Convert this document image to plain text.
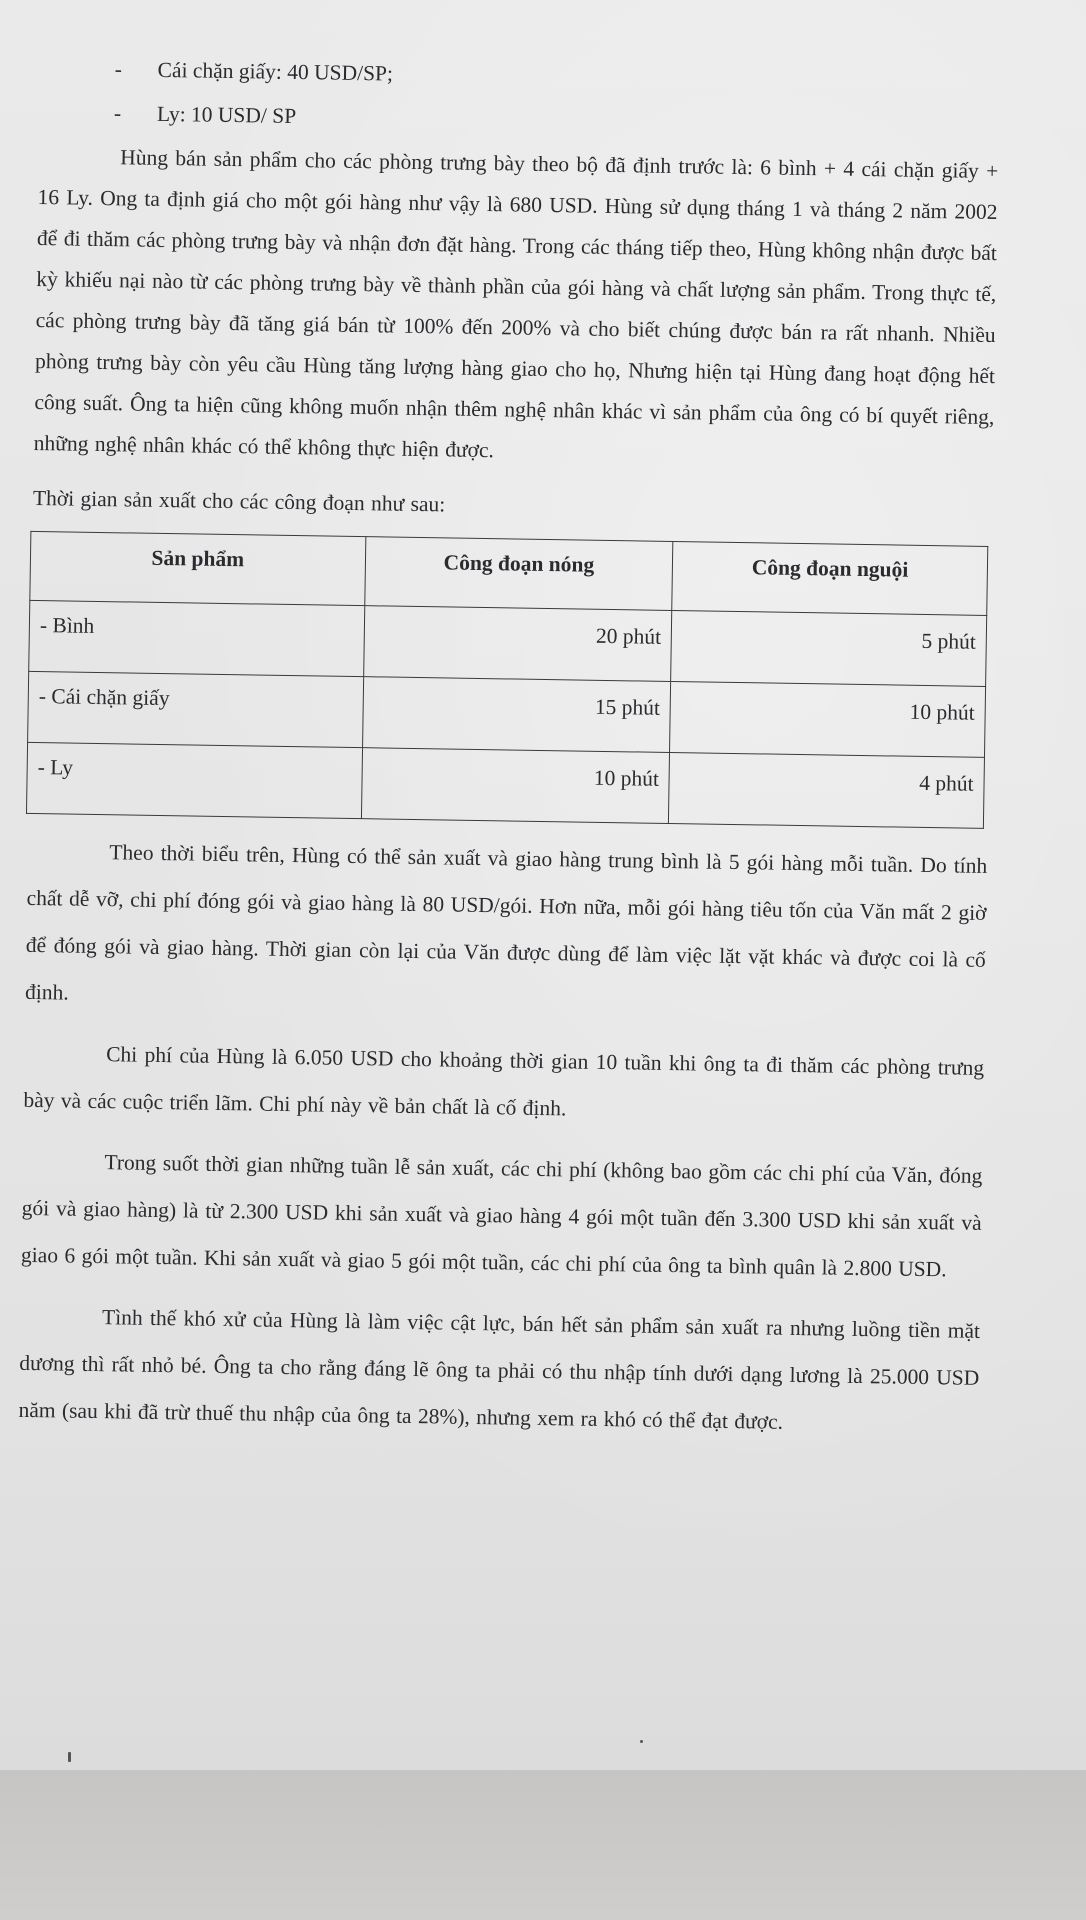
- Cái chặn giấy: 40 USD/SP;
- Ly: 10 USD/ SP

Hùng bán sản phẩm cho các phòng trưng bày theo bộ đã định trước là: 6 bình + 4 cái chặn giấy + 16 Ly. Ong ta định giá cho một gói hàng như vậy là 680 USD. Hùng sử dụng tháng 1 và tháng 2 năm 2002 để đi thăm các phòng trưng bày và nhận đơn đặt hàng. Trong các tháng tiếp theo, Hùng không nhận được bất kỳ khiếu nại nào từ các phòng trưng bày về thành phần của gói hàng và chất lượng sản phẩm. Trong thực tế, các phòng trưng bày đã tăng giá bán từ 100% đến 200% và cho biết chúng được bán ra rất nhanh. Nhiều phòng trưng bày còn yêu cầu Hùng tăng lượng hàng giao cho họ, Nhưng hiện tại Hùng đang hoạt động hết công suất. Ông ta hiện cũng không muốn nhận thêm nghệ nhân khác vì sản phẩm của ông có bí quyết riêng, những nghệ nhân khác có thể không thực hiện được.

Thời gian sản xuất cho các công đoạn như sau:

Sản phẩm	Công đoạn nóng	Công đoạn nguội
- Bình	20 phút	5 phút
- Cái chặn giấy	15 phút	10 phút
- Ly	10 phút	4 phút

Theo thời biểu trên, Hùng có thể sản xuất và giao hàng trung bình là 5 gói hàng mỗi tuần. Do tính chất dễ vỡ, chi phí đóng gói và giao hàng là 80 USD/gói. Hơn nữa, mỗi gói hàng tiêu tốn của Văn mất 2 giờ để đóng gói và giao hàng. Thời gian còn lại của Văn được dùng để làm việc lặt vặt khác và được coi là cố định.

Chi phí của Hùng là 6.050 USD cho khoảng thời gian 10 tuần khi ông ta đi thăm các phòng trưng bày và các cuộc triển lãm. Chi phí này về bản chất là cố định.

Trong suốt thời gian những tuần lễ sản xuất, các chi phí (không bao gồm các chi phí của Văn, đóng gói và giao hàng) là từ 2.300 USD khi sản xuất và giao hàng 4 gói một tuần đến 3.300 USD khi sản xuất và giao 6 gói một tuần. Khi sản xuất và giao 5 gói một tuần, các chi phí của ông ta bình quân là 2.800 USD.

Tình thế khó xử của Hùng là làm việc cật lực, bán hết sản phẩm sản xuất ra nhưng luồng tiền mặt dương thì rất nhỏ bé. Ông ta cho rằng đáng lẽ ông ta phải có thu nhập tính dưới dạng lương là 25.000 USD năm (sau khi đã trừ thuế thu nhập của ông ta 28%), nhưng xem ra khó có thể đạt được.
